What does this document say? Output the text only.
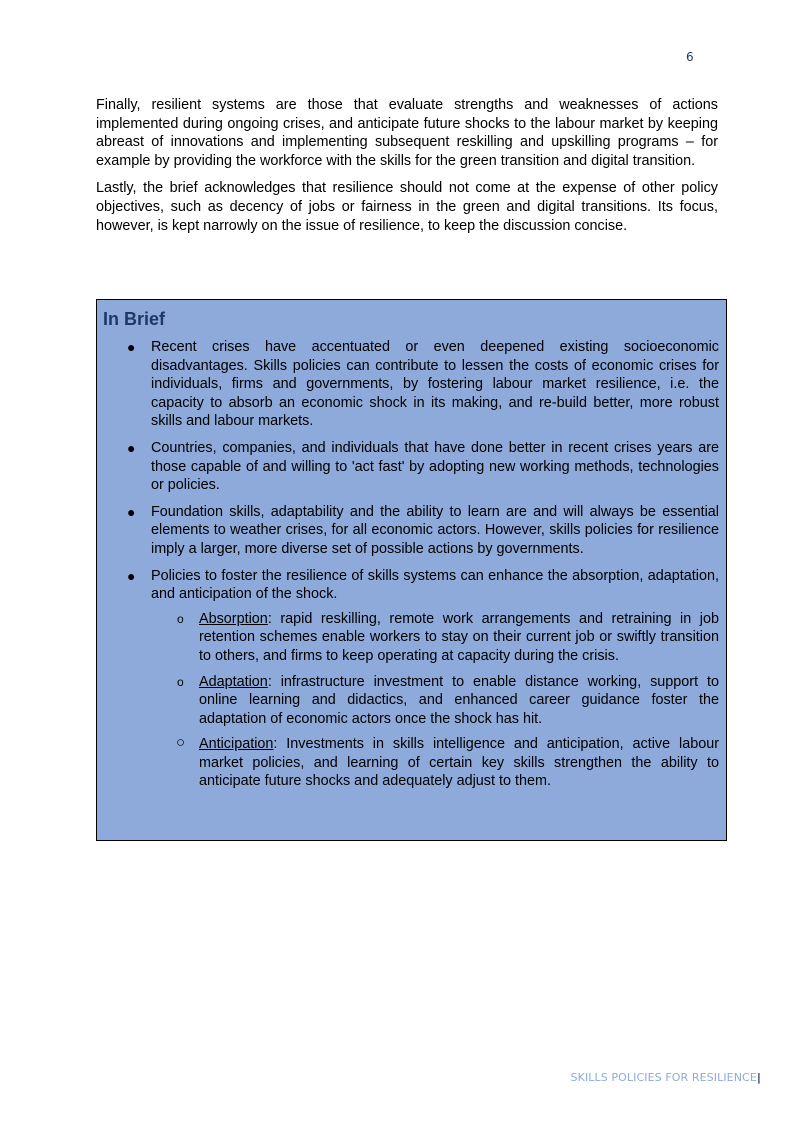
6

Finally, resilient systems are those that evaluate strengths and weaknesses of actions implemented during ongoing crises, and anticipate future shocks to the labour market by keeping abreast of innovations and implementing subsequent reskilling and upskilling programs – for example by providing the workforce with the skills for the green transition and digital transition.

Lastly, the brief acknowledges that resilience should not come at the expense of other policy objectives, such as decency of jobs or fairness in the green and digital transitions. Its focus, however, is kept narrowly on the issue of resilience, to keep the discussion concise.

In Brief
● Recent crises have accentuated or even deepened existing socioeconomic disadvantages. Skills policies can contribute to lessen the costs of economic crises for individuals, firms and governments, by fostering labour market resilience, i.e. the capacity to absorb an economic shock in its making, and re-build better, more robust skills and labour markets.
● Countries, companies, and individuals that have done better in recent crises years are those capable of and willing to 'act fast' by adopting new working methods, technologies or policies.
● Foundation skills, adaptability and the ability to learn are and will always be essential elements to weather crises, for all economic actors. However, skills policies for resilience imply a larger, more diverse set of possible actions by governments.
● Policies to foster the resilience of skills systems can enhance the absorption, adaptation, and anticipation of the shock.
o Absorption: rapid reskilling, remote work arrangements and retraining in job retention schemes enable workers to stay on their current job or swiftly transition to others, and firms to keep operating at capacity during the crisis.
o Adaptation: infrastructure investment to enable distance working, support to online learning and didactics, and enhanced career guidance foster the adaptation of economic actors once the shock has hit.
○ Anticipation: Investments in skills intelligence and anticipation, active labour market policies, and learning of certain key skills strengthen the ability to anticipate future shocks and adequately adjust to them.
SKILLS POLICIES FOR RESILIENCE|
